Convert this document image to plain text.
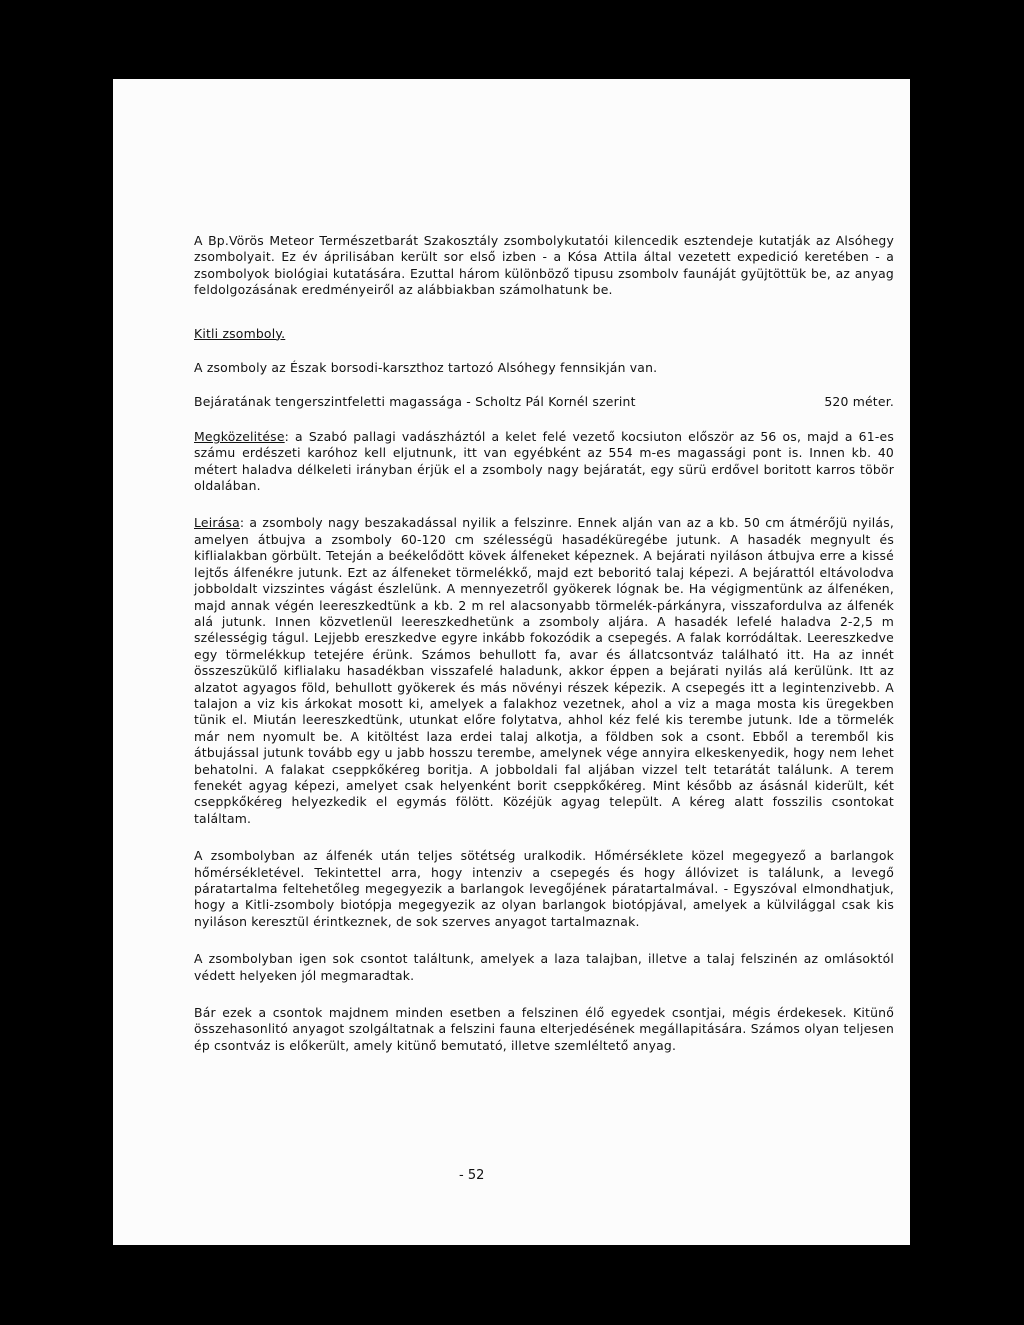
A Bp.Vörös Meteor Természetbarát Szakosztály zsombolykutatói kilencedik esztendeje kutatják az Alsóhegy zsombolyait. Ez év áprilisában került sor első izben - a Kósa Attila által vezetett expedició keretében - a zsombolyok biológiai kutatására. Ezuttal három különböző tipusu zsombolv faunáját gyüjtöttük be, az anyag feldolgozásának eredményeiről az alábbiakban számolhatunk be.

Kitli zsomboly.

A zsomboly az Észak borsodi-karszthoz tartozó Alsóhegy fennsikján van.

Bejáratának tengerszintfeletti magassága - Scholtz Pál Kornél szerint	520 méter.

Megközelitése: a Szabó pallagi vadászháztól a kelet felé vezető kocsiuton először az 56 os, majd a 61-es számu erdészeti karóhoz kell eljutnunk, itt van egyébként az 554 m-es magassági pont is. Innen kb. 40 métert haladva délkeleti irányban érjük el a zsomboly nagy bejáratát, egy sürü erdővel boritott karros töbör oldalában.

Leirása: a zsomboly nagy beszakadással nyilik a felszinre. Ennek alján van az a kb. 50 cm átmérőjü nyilás, amelyen átbujva a zsomboly 60-120 cm szélességü hasadéküregébe jutunk. A hasadék megnyult és kiflialakban görbült. Teteján a beékelődött kövek álfeneket képeznek. A bejárati nyiláson átbujva erre a kissé lejtős álfenékre jutunk. Ezt az álfeneket törmelékkő, majd ezt beboritó talaj képezi. A bejárattól eltávolodva jobboldalt vizszintes vágást észlelünk. A mennyezetről gyökerek lógnak be. Ha végigmentünk az álfenéken, majd annak végén leereszkedtünk a kb. 2 m rel alacsonyabb törmelék-párkányra, visszafordulva az álfenék alá jutunk. Innen közvetlenül leereszkedhetünk a zsomboly aljára. A hasadék lefelé haladva 2-2,5 m szélességig tágul. Lejjebb ereszkedve egyre inkább fokozódik a csepegés. A falak korródáltak. Leereszkedve egy törmelékkup tetejére érünk. Számos behullott fa, avar és állatcsontváz található itt. Ha az innét összeszükülő kiflialaku hasadékban visszafelé haladunk, akkor éppen a bejárati nyilás alá kerülünk. Itt az alzatot agyagos föld, behullott gyökerek és más növényi részek képezik. A csepegés itt a legintenzivebb. A talajon a viz kis árkokat mosott ki, amelyek a falakhoz vezetnek, ahol a viz a maga mosta kis üregekben tünik el. Miután leereszkedtünk, utunkat előre folytatva, ahhol kéz felé kis terembe jutunk. Ide a törmelék már nem nyomult be. A kitöltést laza erdei talaj alkotja, a földben sok a csont. Ebből a teremből kis átbujással jutunk tovább egy u jabb hosszu terembe, amelynek vége annyira elkeskenyedik, hogy nem lehet behatolni. A falakat cseppkőkéreg boritja. A jobboldali fal aljában vizzel telt tetarátát találunk. A terem fenekét agyag képezi, amelyet csak helyenként borit cseppkőkéreg. Mint később az ásásnál kiderült, két cseppkőkéreg helyezkedik el egymás fölött. Közéjük agyag települt. A kéreg alatt fosszilis csontokat találtam.

A zsombolyban az álfenék után teljes sötétség uralkodik. Hőmérséklete közel megegyező a barlangok hőmérsékletével. Tekintettel arra, hogy intenziv a csepegés és hogy állóvizet is találunk, a levegő páratartalma feltehetőleg megegyezik a barlangok levegőjének páratartalmával. - Egyszóval elmondhatjuk, hogy a Kitli-zsomboly biotópja megegyezik az olyan barlangok biotópjával, amelyek a külvilággal csak kis nyiláson keresztül érintkeznek, de sok szerves anyagot tartalmaznak.

A zsombolyban igen sok csontot találtunk, amelyek a laza talajban, illetve a talaj felszinén az omlásoktól védett helyeken jól megmaradtak.

Bár ezek a csontok majdnem minden esetben a felszinen élő egyedek csontjai, mégis érdekesek. Kitünő összehasonlitó anyagot szolgáltatnak a felszini fauna elterjedésének megállapitására. Számos olyan teljesen ép csontváz is előkerült, amely kitünő bemutató, illetve szemléltető anyag.

- 52
